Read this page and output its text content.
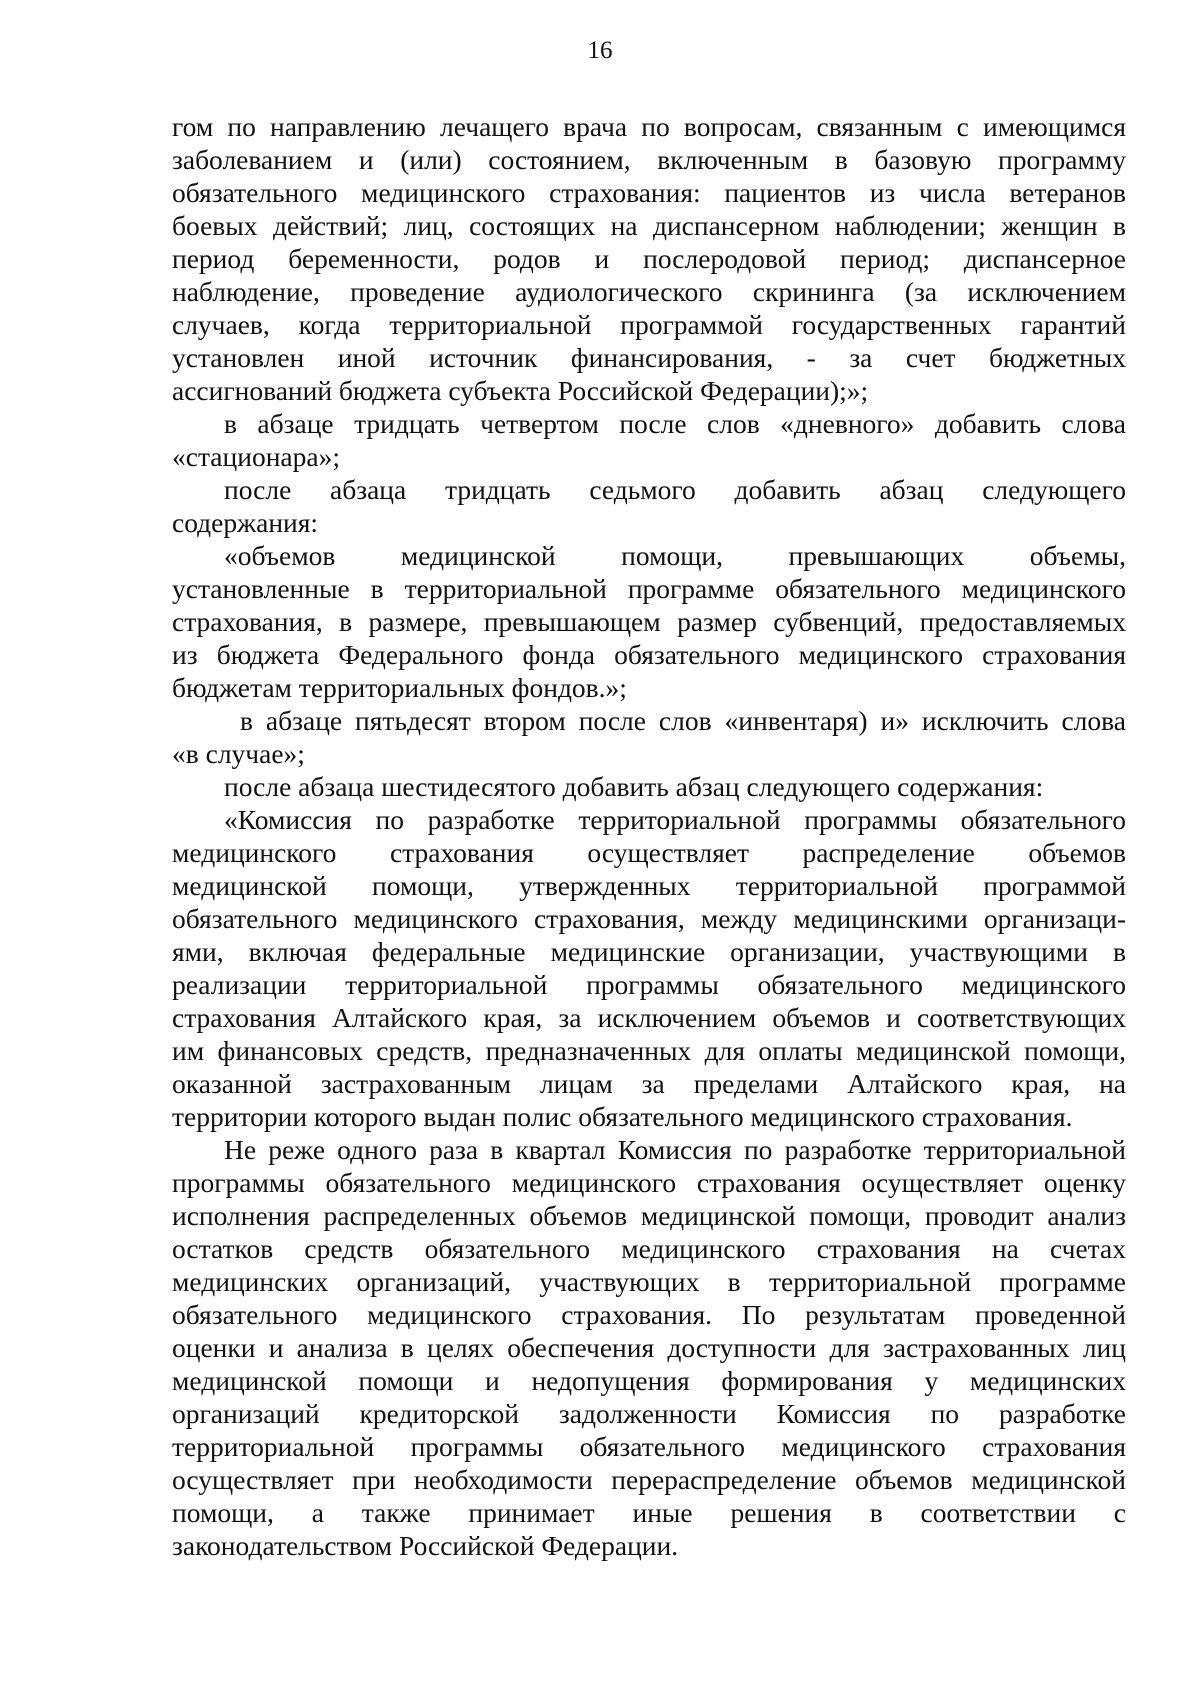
16
гом по направлению лечащего врача по вопросам, связанным с имеющимся
заболеванием и (или) состоянием, включенным в базовую программу
обязательного медицинского страхования: пациентов из числа ветеранов
боевых действий; лиц, состоящих на диспансерном наблюдении; женщин в
период беременности, родов и послеродовой период; диспансерное
наблюдение, проведение аудиологического скрининга (за исключением
случаев, когда территориальной программой государственных гарантий
установлен иной источник финансирования, - за счет бюджетных
ассигнований бюджета субъекта Российской Федерации);»;
в абзаце тридцать четвертом после слов «дневного» добавить слова
«стационара»;
после абзаца тридцать седьмого добавить абзац следующего
содержания:
«объемов медицинской помощи, превышающих объемы,
установленные в территориальной программе обязательного медицинского
страхования, в размере, превышающем размер субвенций, предоставляемых
из бюджета Федерального фонда обязательного медицинского страхования
бюджетам территориальных фондов.»;
в абзаце пятьдесят втором после слов «инвентаря) и» исключить слова
«в случае»;
после абзаца шестидесятого добавить абзац следующего содержания:
«Комиссия по разработке территориальной программы обязательного
медицинского страхования осуществляет распределение объемов
медицинской помощи, утвержденных территориальной программой
обязательного медицинского страхования, между медицинскими организаци-
ями, включая федеральные медицинские организации, участвующими в
реализации территориальной программы обязательного медицинского
страхования Алтайского края, за исключением объемов и соответствующих
им финансовых средств, предназначенных для оплаты медицинской помощи,
оказанной застрахованным лицам за пределами Алтайского края, на
территории которого выдан полис обязательного медицинского страхования.
Не реже одного раза в квартал Комиссия по разработке территориальной
программы обязательного медицинского страхования осуществляет оценку
исполнения распределенных объемов медицинской помощи, проводит анализ
остатков средств обязательного медицинского страхования на счетах
медицинских организаций, участвующих в территориальной программе
обязательного медицинского страхования. По результатам проведенной
оценки и анализа в целях обеспечения доступности для застрахованных лиц
медицинской помощи и недопущения формирования у медицинских
организаций кредиторской задолженности Комиссия по разработке
территориальной программы обязательного медицинского страхования
осуществляет при необходимости перераспределение объемов медицинской
помощи, а также принимает иные решения в соответствии с
законодательством Российской Федерации.
